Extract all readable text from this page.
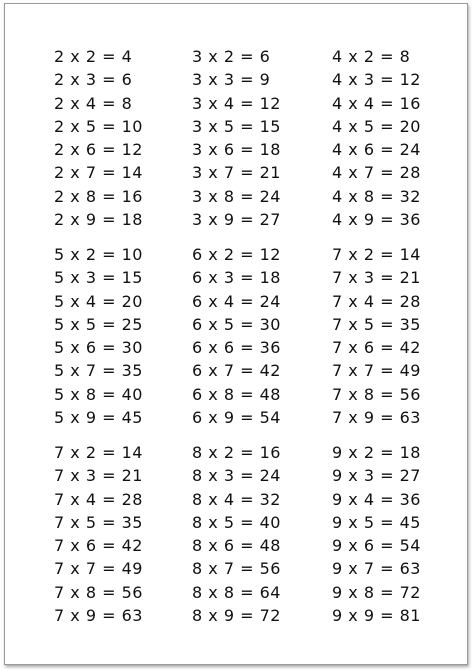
2 x 2 = 4
2 x 3 = 6
2 x 4 = 8
2 x 5 = 10
2 x 6 = 12
2 x 7 = 14
2 x 8 = 16
2 x 9 = 18
3 x 2 = 6
3 x 3 = 9
3 x 4 = 12
3 x 5 = 15
3 x 6 = 18
3 x 7 = 21
3 x 8 = 24
3 x 9 = 27
4 x 2 = 8
4 x 3 = 12
4 x 4 = 16
4 x 5 = 20
4 x 6 = 24
4 x 7 = 28
4 x 8 = 32
4 x 9 = 36
5 x 2 = 10
5 x 3 = 15
5 x 4 = 20
5 x 5 = 25
5 x 6 = 30
5 x 7 = 35
5 x 8 = 40
5 x 9 = 45
6 x 2 = 12
6 x 3 = 18
6 x 4 = 24
6 x 5 = 30
6 x 6 = 36
6 x 7 = 42
6 x 8 = 48
6 x 9 = 54
7 x 2 = 14
7 x 3 = 21
7 x 4 = 28
7 x 5 = 35
7 x 6 = 42
7 x 7 = 49
7 x 8 = 56
7 x 9 = 63
7 x 2 = 14
7 x 3 = 21
7 x 4 = 28
7 x 5 = 35
7 x 6 = 42
7 x 7 = 49
7 x 8 = 56
7 x 9 = 63
8 x 2 = 16
8 x 3 = 24
8 x 4 = 32
8 x 5 = 40
8 x 6 = 48
8 x 7 = 56
8 x 8 = 64
8 x 9 = 72
9 x 2 = 18
9 x 3 = 27
9 x 4 = 36
9 x 5 = 45
9 x 6 = 54
9 x 7 = 63
9 x 8 = 72
9 x 9 = 81
